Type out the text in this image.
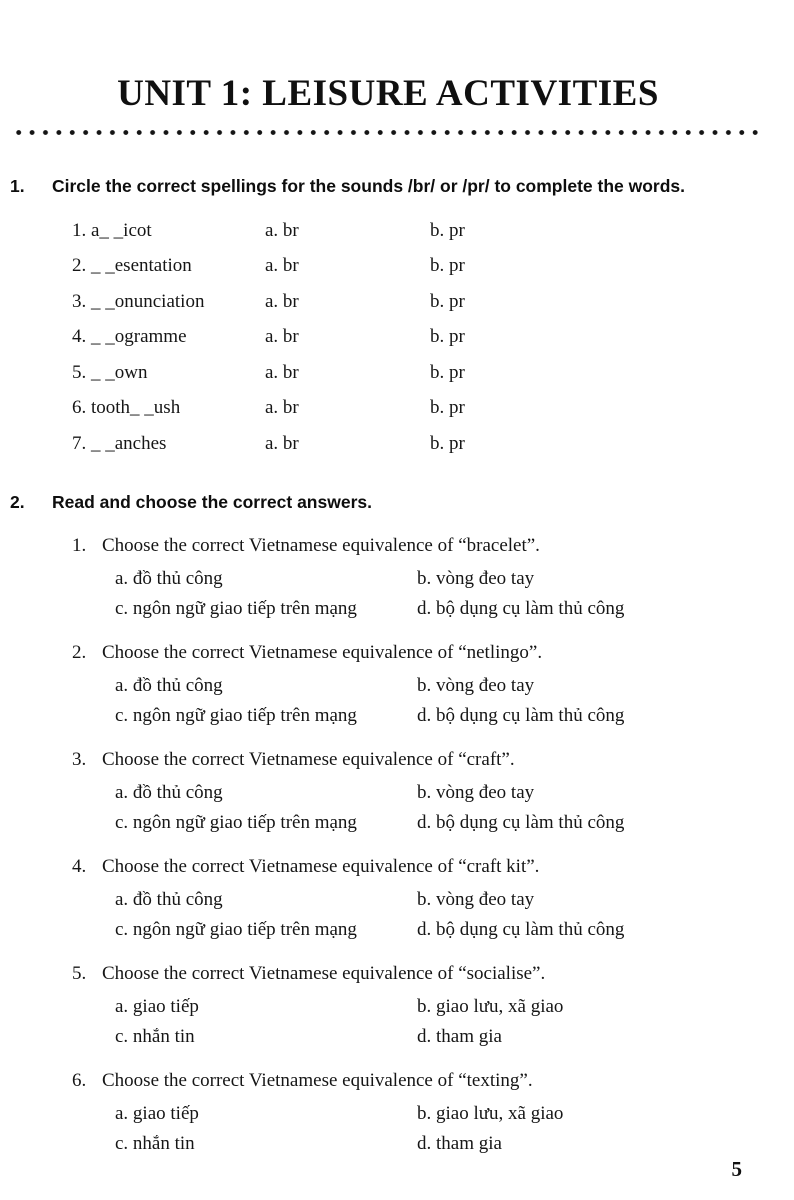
UNIT 1: LEISURE ACTIVITIES
1.	Circle the correct spellings for the sounds /br/ or /pr/ to complete the words.
1. a_ _icot	a. br	b. pr
2. _ _esentation	a. br	b. pr
3. _ _onunciation	a. br	b. pr
4. _ _ogramme	a. br	b. pr
5. _ _own	a. br	b. pr
6. tooth_ _ush	a. br	b. pr
7. _ _anches	a. br	b. pr
2.	Read and choose the correct answers.
1. Choose the correct Vietnamese equivalence of “bracelet”.
a. đồ thủ công	b. vòng đeo tay
c. ngôn ngữ giao tiếp trên mạng	d. bộ dụng cụ làm thủ công
2. Choose the correct Vietnamese equivalence of “netlingo”.
a. đồ thủ công	b. vòng đeo tay
c. ngôn ngữ giao tiếp trên mạng	d. bộ dụng cụ làm thủ công
3. Choose the correct Vietnamese equivalence of “craft”.
a. đồ thủ công	b. vòng đeo tay
c. ngôn ngữ giao tiếp trên mạng	d. bộ dụng cụ làm thủ công
4. Choose the correct Vietnamese equivalence of “craft kit”.
a. đồ thủ công	b. vòng đeo tay
c. ngôn ngữ giao tiếp trên mạng	d. bộ dụng cụ làm thủ công
5. Choose the correct Vietnamese equivalence of “socialise”.
a. giao tiếp	b. giao lưu, xã giao
c. nhắn tin	d. tham gia
6. Choose the correct Vietnamese equivalence of “texting”.
a. giao tiếp	b. giao lưu, xã giao
c. nhắn tin	d. tham gia
5
